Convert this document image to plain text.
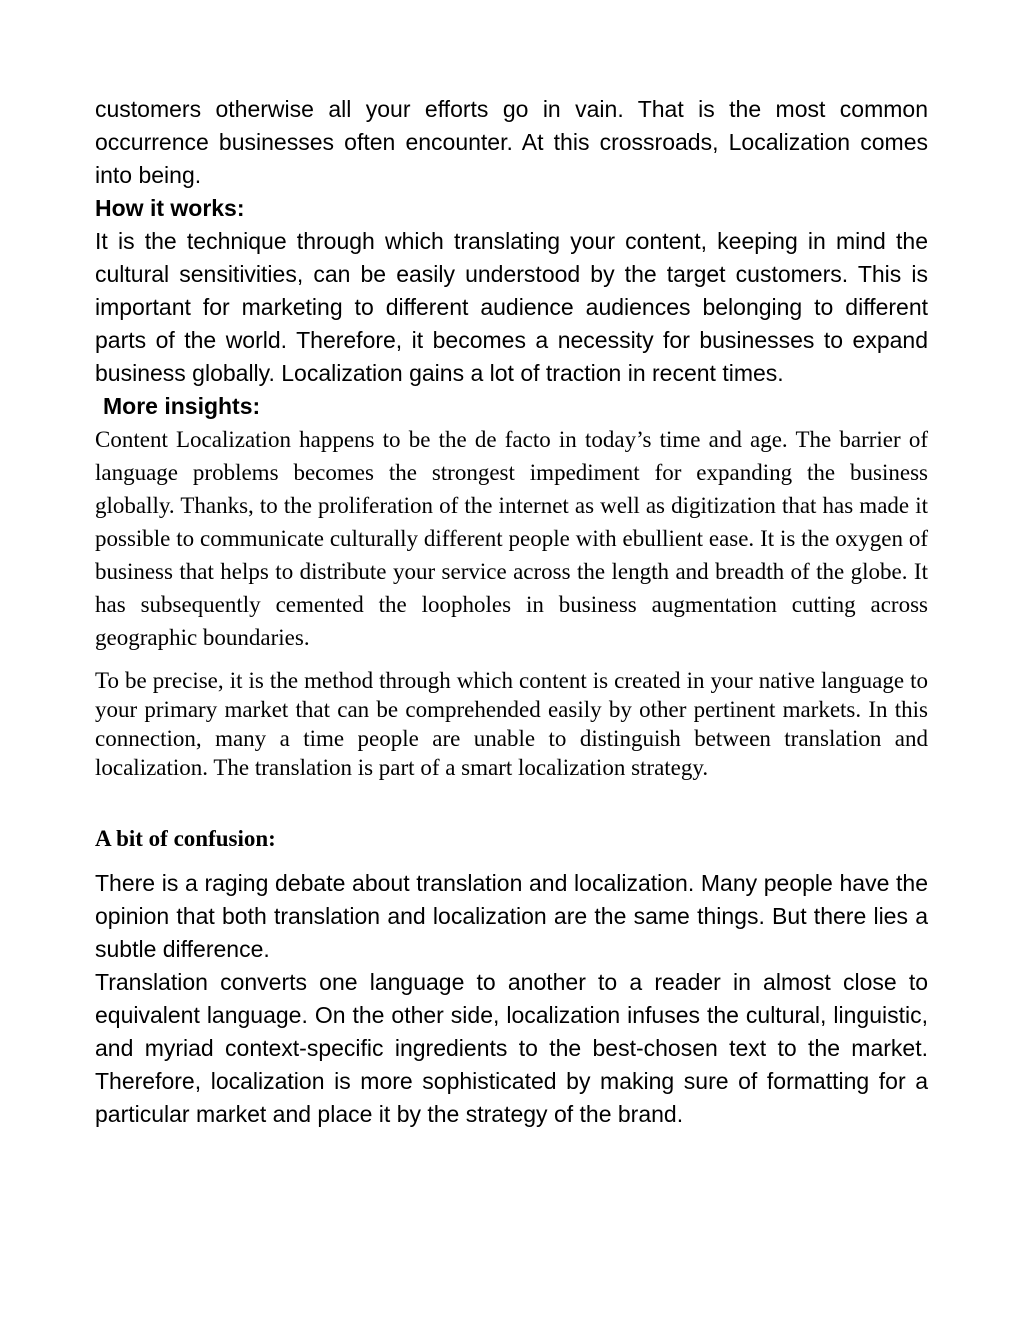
customers otherwise all your efforts go in vain. That is the most common occurrence businesses often encounter. At this crossroads, Localization comes into being.

How it works:

It is the technique through which translating your content, keeping in mind the cultural sensitivities, can be easily understood by the target customers. This is important for marketing to different audience audiences belonging to different parts of the world. Therefore, it becomes a necessity for businesses to expand business globally. Localization gains a lot of traction in recent times.

More insights:

Content Localization happens to be the de facto in today’s time and age. The barrier of language problems becomes the strongest impediment for expanding the business globally. Thanks, to the proliferation of the internet as well as digitization that has made it possible to communicate culturally different people with ebullient ease. It is the oxygen of business that helps to distribute your service across the length and breadth of the globe. It has subsequently cemented the loopholes in business augmentation cutting across geographic boundaries.

To be precise, it is the method through which content is created in your native language to your primary market that can be comprehended easily by other pertinent markets. In this connection, many a time people are unable to distinguish between translation and localization. The translation is part of a smart localization strategy.

A bit of confusion:

There is a raging debate about translation and localization. Many people have the opinion that both translation and localization are the same things. But there lies a subtle difference.

Translation converts one language to another to a reader in almost close to equivalent language. On the other side, localization infuses the cultural, linguistic, and myriad context-specific ingredients to the best-chosen text to the market. Therefore, localization is more sophisticated by making sure of formatting for a particular market and place it by the strategy of the brand.
